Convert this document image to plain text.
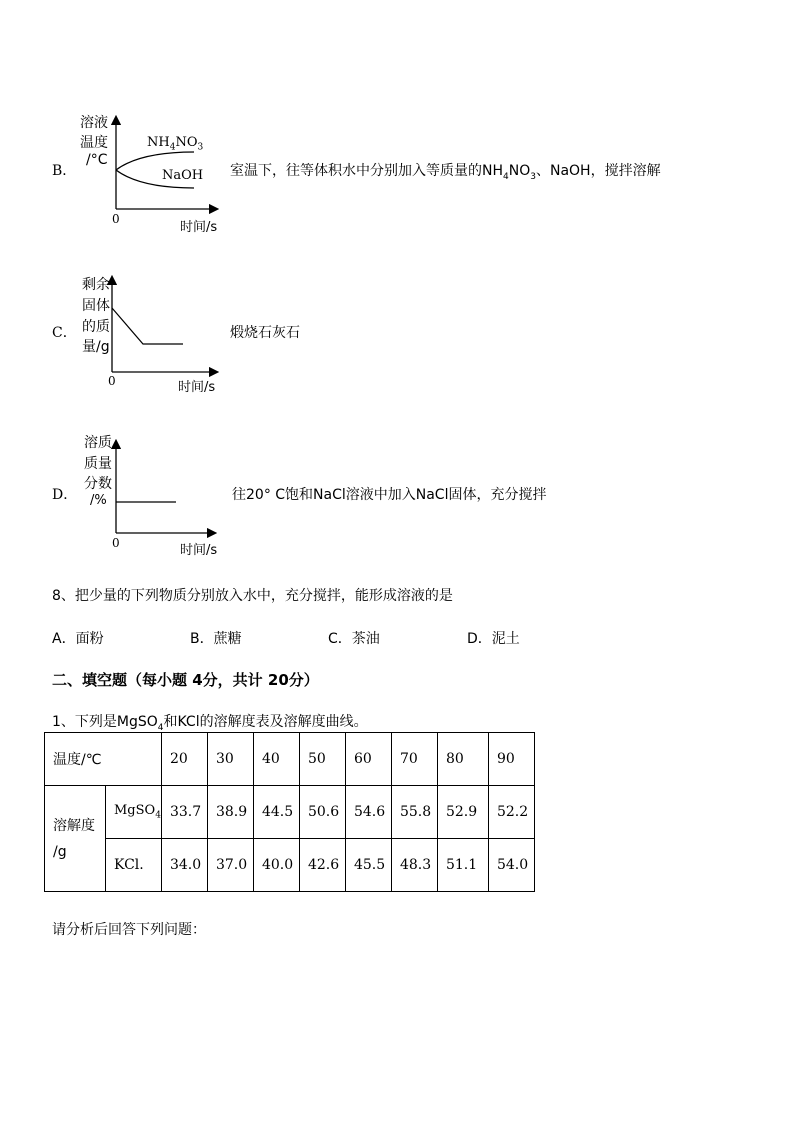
B．
溶液
温度
/°C
$NH_4NO_3$
NaOH
0
时间/s
室温下，往等体积水中分别加入等质量的$NH_4NO_3$、NaOH，搅拌溶解
C．
剩余
固体
的质
量/g
0	时间/s
煅烧石灰石
D．
溶质
质量
分数
/%
0	时间/s
往20° C饱和NaCl溶液中加入NaCl固体，充分搅拌
8、把少量的下列物质分别放入水中，充分搅拌，能形成溶液的是
A．面粉	B．蔗糖	C．茶油	D．泥土
二、填空题（每小题 4分，共计 20分）
1、下列是MgSO$_4$和KCl的溶解度表及溶解度曲线。
温度/℃		20	30	40	50	60	70	80	90

溶解度
/g	MgSO$_4$	33.7	38.9	44.5	50.6	54.6	55.8	52.9	52.2
	KCl.	34.0	37.0	40.0	42.6	45.5	48.3	51.1	54.0
请分析后回答下列问题：
